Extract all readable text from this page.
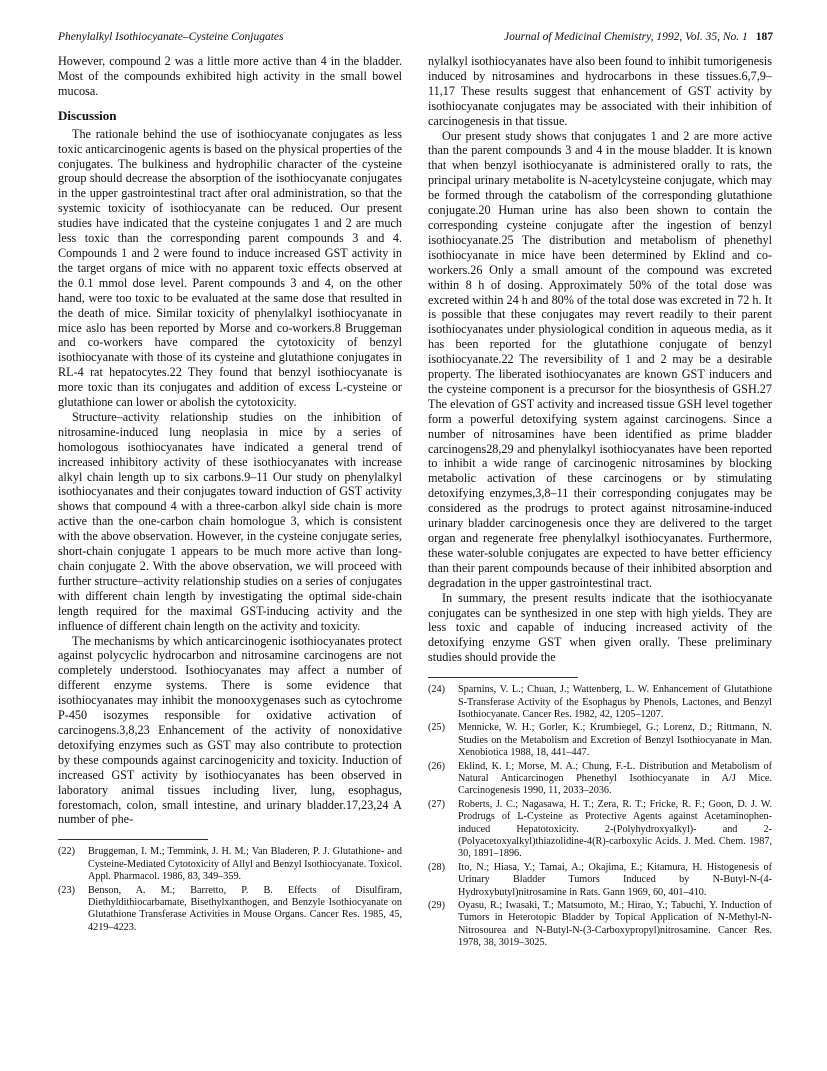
Phenylalkyl Isothiocyanate–Cysteine Conjugates	Journal of Medicinal Chemistry, 1992, Vol. 35, No. 1 187

However, compound 2 was a little more active than 4 in the bladder. Most of the compounds exhibited high activity in the small bowel mucosa.

Discussion

The rationale behind the use of isothiocyanate conjugates as less toxic anticarcinogenic agents is based on the physical properties of the conjugates. The bulkiness and hydrophilic character of the cysteine group should decrease the absorption of the isothiocyanate conjugates in the upper gastrointestinal tract after oral administration, so that the systemic toxicity of isothiocyanate can be reduced. Our present studies have indicated that the cysteine conjugates 1 and 2 are much less toxic than the corresponding parent compounds 3 and 4. Compounds 1 and 2 were found to induce increased GST activity in the target organs of mice with no apparent toxic effects observed at the 0.1 mmol dose level. Parent compounds 3 and 4, on the other hand, were too toxic to be evaluated at the same dose that resulted in the death of mice. Similar toxicity of phenylalkyl isothiocyanate in mice aslo has been reported by Morse and co-workers.8 Bruggeman and co-workers have compared the cytotoxicity of benzyl isothiocyanate with those of its cysteine and glutathione conjugates in RL-4 rat hepatocytes.22 They found that benzyl isothiocyanate is more toxic than its conjugates and addition of excess L-cysteine or glutathione can lower or abolish the cytotoxicity.

Structure–activity relationship studies on the inhibition of nitrosamine-induced lung neoplasia in mice by a series of homologous isothiocyanates have indicated a general trend of increased inhibitory activity of these isothiocyanates with increase alkyl chain length up to six carbons.9–11 Our study on phenylalkyl isothiocyanates and their conjugates toward induction of GST activity shows that compound 4 with a three-carbon alkyl side chain is more active than the one-carbon chain homologue 3, which is consistent with the above observation. However, in the cysteine conjugate series, short-chain conjugate 1 appears to be much more active than long-chain conjugate 2. With the above observation, we will proceed with further structure–activity relationship studies on a series of conjugates with different chain length by investigating the optimal side-chain length required for the maximal GST-inducing activity and the influence of different chain length on the activity and toxicity.

The mechanisms by which anticarcinogenic isothiocyanates protect against polycyclic hydrocarbon and nitrosamine carcinogens are not completely understood. Isothiocyanates may affect a number of different enzyme systems. There is some evidence that isothiocyanates may inhibit the monooxygenases such as cytochrome P-450 isozymes responsible for oxidative activation of carcinogens.3,8,23 Enhancement of the activity of nonoxidative detoxifying enzymes such as GST may also contribute to protection by these compounds against carcinogenicity and toxicity. Induction of increased GST activity by isothiocyanates has been observed in laboratory animal tissues including liver, lung, esophagus, forestomach, colon, small intestine, and urinary bladder.17,23,24 A number of phe-

(22)	Bruggeman, I. M.; Temmink, J. H. M.; Van Bladeren, P. J. Glutathione- and Cysteine-Mediated Cytotoxicity of Allyl and Benzyl Isothiocyanate. Toxicol. Appl. Pharmacol. 1986, 83, 349–359.
(23)	Benson, A. M.; Barretto, P. B. Effects of Disulfiram, Diethyldithiocarbamate, Bisethylxanthogen, and Benzyle Isothiocyanate on Glutathione Transferase Activities in Mouse Organs. Cancer Res. 1985, 45, 4219–4223.

nylalkyl isothiocyanates have also been found to inhibit tumorigenesis induced by nitrosamines and hydrocarbons in these tissues.6,7,9–11,17 These results suggest that enhancement of GST activity by isothiocyanate conjugates may be associated with their inhibition of carcinogenesis in that tissue.

Our present study shows that conjugates 1 and 2 are more active than the parent compounds 3 and 4 in the mouse bladder. It is known that when benzyl isothiocyanate is administered orally to rats, the principal urinary metabolite is N-acetylcysteine conjugate, which may be formed through the catabolism of the corresponding glutathione conjugate.20 Human urine has also been shown to contain the corresponding cysteine conjugate after the ingestion of benzyl isothiocyanate.25 The distribution and metabolism of phenethyl isothiocyanate in mice have been determined by Eklind and co-workers.26 Only a small amount of the compound was excreted within 8 h of dosing. Approximately 50% of the total dose was excreted within 24 h and 80% of the total dose was excreted in 72 h. It is possible that these conjugates may revert readily to their parent isothiocyanates under physiological condition in aqueous media, as it has been reported for the glutathione conjugate of benzyl isothiocyanate.22 The reversibility of 1 and 2 may be a desirable property. The liberated isothiocyanates are known GST inducers and the cysteine component is a precursor for the biosynthesis of GSH.27 The elevation of GST activity and increased tissue GSH level together form a powerful detoxifying system against carcinogens. Since a number of nitrosamines have been identified as prime bladder carcinogens28,29 and phenylalkyl isothiocyanates have been reported to inhibit a wide range of carcinogenic nitrosamines by blocking metabolic activation of these carcinogens or by stimulating detoxifying enzymes,3,8–11 their corresponding conjugates may be considered as the prodrugs to protect against nitrosamine-induced urinary bladder carcinogenesis once they are delivered to the target organ and regenerate free phenylalkyl isothiocyanates. Furthermore, these water-soluble conjugates are expected to have better efficiency than their parent compounds because of their inhibited absorption and degradation in the upper gastrointestinal tract.

In summary, the present results indicate that the isothiocyanate conjugates can be synthesized in one step with high yields. They are less toxic and capable of inducing increased activity of the detoxifying enzyme GST when given orally. These preliminary studies should provide the

(24)	Sparnins, V. L.; Chuan, J.; Wattenberg, L. W. Enhancement of Glutathione S-Transferase Activity of the Esophagus by Phenols, Lactones, and Benzyl Isothiocyanate. Cancer Res. 1982, 42, 1205–1207.
(25)	Mennicke, W. H.; Gorler, K.; Krumbiegel, G.; Lorenz, D.; Rittmann, N. Studies on the Metabolism and Excretion of Benzyl Isothiocyanate in Man. Xenobiotica 1988, 18, 441–447.
(26)	Eklind, K. I.; Morse, M. A.; Chung, F.-L. Distribution and Metabolism of Natural Anticarcinogen Phenethyl Isothiocyanate in A/J Mice. Carcinogenesis 1990, 11, 2033–2036.
(27)	Roberts, J. C.; Nagasawa, H. T.; Zera, R. T.; Fricke, R. F.; Goon, D. J. W. Prodrugs of L-Cysteine as Protective Agents against Acetaminophen-induced Hepatotoxicity. 2-(Polyhydroxyalkyl)- and 2-(Polyacetoxyalkyl)thiazolidine-4(R)-carboxylic Acids. J. Med. Chem. 1987, 30, 1891–1896.
(28)	Ito, N.; Hiasa, Y.; Tamai, A.; Okajima, E.; Kitamura, H. Histogenesis of Urinary Bladder Tumors Induced by N-Butyl-N-(4-Hydroxybutyl)nitrosamine in Rats. Gann 1969, 60, 401–410.
(29)	Oyasu, R.; Iwasaki, T.; Matsumoto, M.; Hirao, Y.; Tabuchi, Y. Induction of Tumors in Heterotopic Bladder by Topical Application of N-Methyl-N-Nitrosourea and N-Butyl-N-(3-Carboxypropyl)nitrosamine. Cancer Res. 1978, 38, 3019–3025.
